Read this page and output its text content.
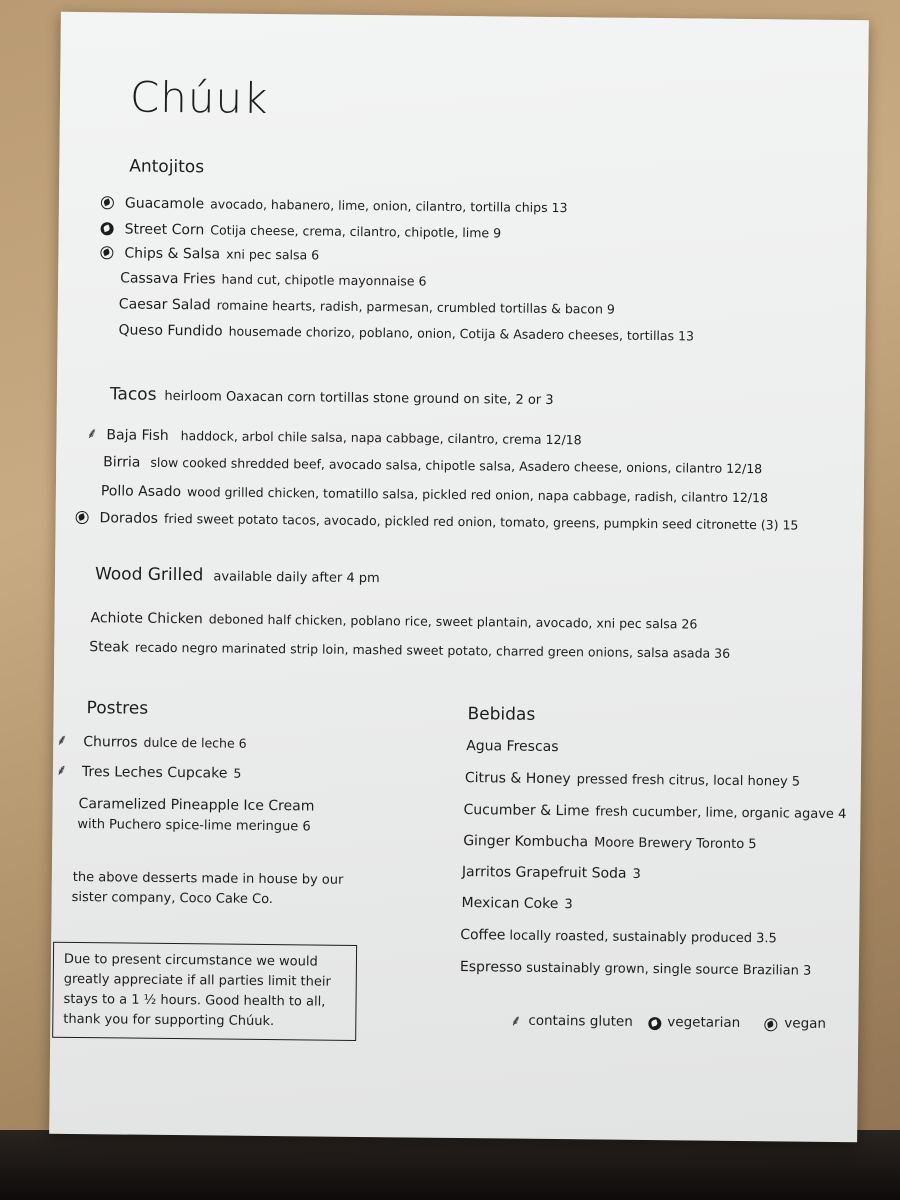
Chúuk
Antojitos
Guacamole avocado, habanero, lime, onion, cilantro, tortilla chips 13
Street Corn Cotija cheese, crema, cilantro, chipotle, lime 9
Chips & Salsa xni pec salsa 6
Cassava Fries hand cut, chipotle mayonnaise 6
Caesar Salad romaine hearts, radish, parmesan, crumbled tortillas & bacon 9
Queso Fundido housemade chorizo, poblano, onion, Cotija & Asadero cheeses, tortillas 13
Tacos heirloom Oaxacan corn tortillas stone ground on site, 2 or 3
⸙ Baja Fish haddock, arbol chile salsa, napa cabbage, cilantro, crema 12/18
Birria slow cooked shredded beef, avocado salsa, chipotle salsa, Asadero cheese, onions, cilantro 12/18
Pollo Asado wood grilled chicken, tomatillo salsa, pickled red onion, napa cabbage, radish, cilantro 12/18
Dorados fried sweet potato tacos, avocado, pickled red onion, tomato, greens, pumpkin seed citronette (3) 15
Wood Grilled available daily after 4 pm
Achiote Chicken deboned half chicken, poblano rice, sweet plantain, avocado, xni pec salsa 26
Steak recado negro marinated strip loin, mashed sweet potato, charred green onions, salsa asada 36
Postres
⸙ Churros dulce de leche 6
⸙ Tres Leches Cupcake 5
Caramelized Pineapple Ice Cream
with Puchero spice-lime meringue 6
the above desserts made in house by our
sister company, Coco Cake Co.
Due to present circumstance we would greatly appreciate if all parties limit their stays to a 1 ½ hours. Good health to all, thank you for supporting Chúuk.
Bebidas
Agua Frescas
Citrus & Honey pressed fresh citrus, local honey 5
Cucumber & Lime fresh cucumber, lime, organic agave 4
Ginger Kombucha Moore Brewery Toronto 5
Jarritos Grapefruit Soda 3
Mexican Coke 3
Coffee locally roasted, sustainably produced 3.5
Espresso sustainably grown, single source Brazilian 3
⸙ contains gluten	vegetarian	vegan
